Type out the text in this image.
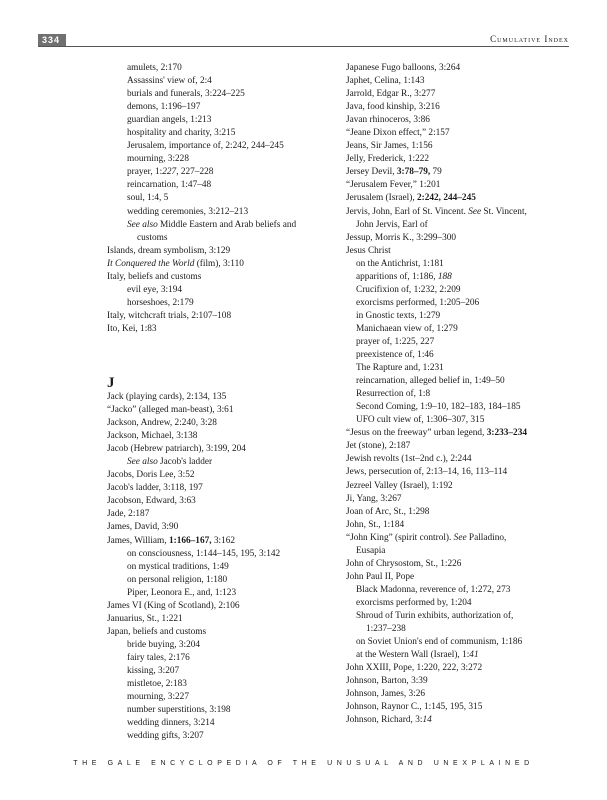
334	Cumulative Index
amulets, 2:170
Assassins' view of, 2:4
burials and funerals, 3:224–225
demons, 1:196–197
guardian angels, 1:213
hospitality and charity, 3:215
Jerusalem, importance of, 2:242, 244–245
mourning, 3:228
prayer, 1:227, 227–228
reincarnation, 1:47–48
soul, 1:4, 5
wedding ceremonies, 3:212–213
See also Middle Eastern and Arab beliefs and
customs
Islands, dream symbolism, 3:129
It Conquered the World (film), 3:110
Italy, beliefs and customs
evil eye, 3:194
horseshoes, 2:179
Italy, witchcraft trials, 2:107–108
Ito, Kei, 1:83
J
Jack (playing cards), 2:134, 135
“Jacko” (alleged man-beast), 3:61
Jackson, Andrew, 2:240, 3:28
Jackson, Michael, 3:138
Jacob (Hebrew patriarch), 3:199, 204
See also Jacob's ladder
Jacobs, Doris Lee, 3:52
Jacob's ladder, 3:118, 197
Jacobson, Edward, 3:63
Jade, 2:187
James, David, 3:90
James, William, 1:166–167, 3:162
on consciousness, 1:144–145, 195, 3:142
on mystical traditions, 1:49
on personal religion, 1:180
Piper, Leonora E., and, 1:123
James VI (King of Scotland), 2:106
Januarius, St., 1:221
Japan, beliefs and customs
bride buying, 3:204
fairy tales, 2:176
kissing, 3:207
mistletoe, 2:183
mourning, 3:227
number superstitions, 3:198
wedding dinners, 3:214
wedding gifts, 3:207
Japanese Fugo balloons, 3:264
Japhet, Celina, 1:143
Jarrold, Edgar R., 3:277
Java, food kinship, 3:216
Javan rhinoceros, 3:86
“Jeane Dixon effect,” 2:157
Jeans, Sir James, 1:156
Jelly, Frederick, 1:222
Jersey Devil, 3:78–79, 79
“Jerusalem Fever,” 1:201
Jerusalem (Israel), 2:242, 244–245
Jervis, John, Earl of St. Vincent. See St. Vincent,
John Jervis, Earl of
Jessup, Morris K., 3:299–300
Jesus Christ
on the Antichrist, 1:181
apparitions of, 1:186, 188
Crucifixion of, 1:232, 2:209
exorcisms performed, 1:205–206
in Gnostic texts, 1:279
Manichaean view of, 1:279
prayer of, 1:225, 227
preexistence of, 1:46
The Rapture and, 1:231
reincarnation, alleged belief in, 1:49–50
Resurrection of, 1:8
Second Coming, 1:9–10, 182–183, 184–185
UFO cult view of, 1:306–307, 315
“Jesus on the freeway” urban legend, 3:233–234
Jet (stone), 2:187
Jewish revolts (1st–2nd c.), 2:244
Jews, persecution of, 2:13–14, 16, 113–114
Jezreel Valley (Israel), 1:192
Ji, Yang, 3:267
Joan of Arc, St., 1:298
John, St., 1:184
“John King” (spirit control). See Palladino,
Eusapia
John of Chrysostom, St., 1:226
John Paul II, Pope
Black Madonna, reverence of, 1:272, 273
exorcisms performed by, 1:204
Shroud of Turin exhibits, authorization of,
1:237–238
on Soviet Union's end of communism, 1:186
at the Western Wall (Israel), 1:41
John XXIII, Pope, 1:220, 222, 3:272
Johnson, Barton, 3:39
Johnson, James, 3:26
Johnson, Raynor C., 1:145, 195, 315
Johnson, Richard, 3:14
THE GALE ENCYCLOPEDIA OF THE UNUSUAL AND UNEXPLAINED
